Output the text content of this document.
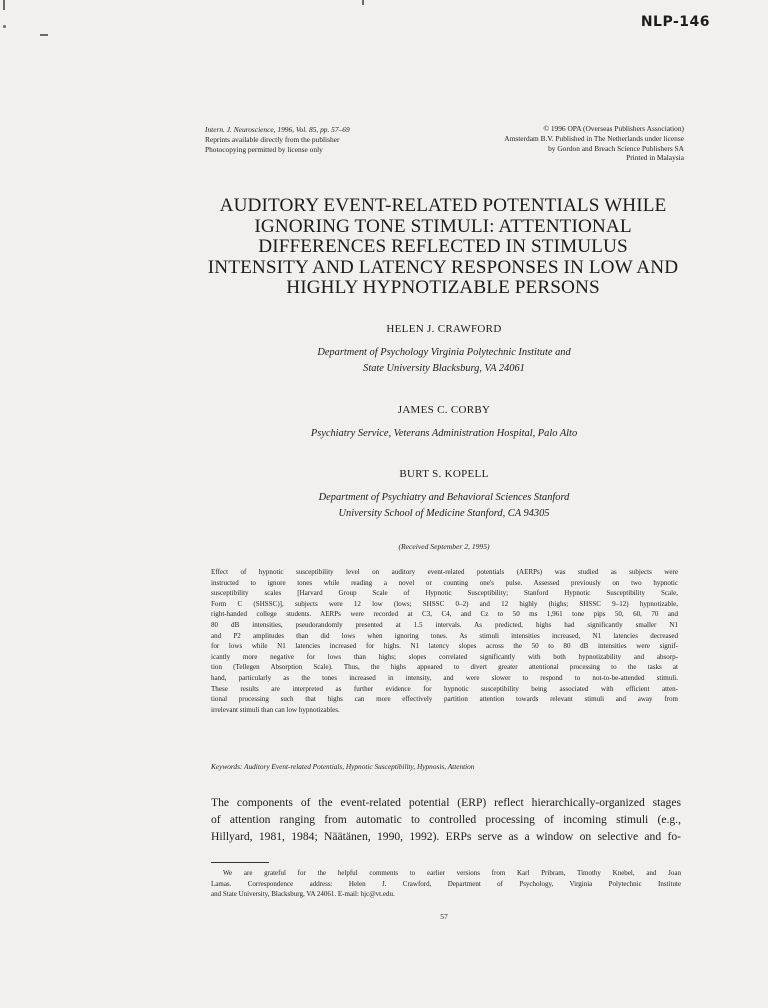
NLP-146
Intern. J. Neuroscience, 1996, Vol. 85, pp. 57–69
Reprints available directly from the publisher
Photocopying permitted by license only
© 1996 OPA (Overseas Publishers Association)
Amsterdam B.V. Published in The Netherlands under license
by Gordon and Breach Science Publishers SA
Printed in Malaysia
AUDITORY EVENT-RELATED POTENTIALS WHILE
IGNORING TONE STIMULI: ATTENTIONAL
DIFFERENCES REFLECTED IN STIMULUS
INTENSITY AND LATENCY RESPONSES IN LOW AND
HIGHLY HYPNOTIZABLE PERSONS
HELEN J. CRAWFORD
Department of Psychology Virginia Polytechnic Institute and
State University Blacksburg, VA 24061
JAMES C. CORBY
Psychiatry Service, Veterans Administration Hospital, Palo Alto
BURT S. KOPELL
Department of Psychiatry and Behavioral Sciences Stanford
University School of Medicine Stanford, CA 94305
(Received September 2, 1995)
Effect of hypnotic susceptibility level on auditory event-related potentials (AERPs) was studied as subjects were
instructed to ignore tones while reading a novel or counting one's pulse. Assessed previously on two hypnotic
susceptibility scales [Harvard Group Scale of Hypnotic Susceptibility; Stanford Hypnotic Susceptibility Scale,
Form C (SHSSC)], subjects were 12 low (lows; SHSSC 0–2) and 12 highly (highs; SHSSC 9–12) hypnotizable,
right-handed college students. AERPs were recorded at C3, C4, and Cz to 50 ms 1,961 tone pips 50, 60, 70 and
80 dB intensities, pseudorandomly presented at 1.5 intervals. As predicted, highs had significantly smaller N1
and P2 amplitudes than did lows when ignoring tones. As stimuli intensities increased, N1 latencies decreased
for lows while N1 latencies increased for highs. N1 latency slopes across the 50 to 80 dB intensities were signif-
icantly more negative for lows than highs; slopes correlated significantly with both hypnotizability and absorp-
tion (Tellegen Absorption Scale). Thus, the highs appeared to divert greater attentional processing to the tasks at
hand, particularly as the tones increased in intensity, and were slower to respond to not-to-be-attended stimuli.
These results are interpreted as further evidence for hypnotic susceptibility being associated with efficient atten-
tional processing such that highs can more effectively partition attention towards relevant stimuli and away from
irrelevant stimuli than can low hypnotizables.
Keywords: Auditory Event-related Potentials, Hypnotic Susceptibility, Hypnosis, Attention
The components of the event-related potential (ERP) reflect hierarchically-organized stages
of attention ranging from automatic to controlled processing of incoming stimuli (e.g.,
Hillyard, 1981, 1984; Näätänen, 1990, 1992). ERPs serve as a window on selective and fo-
We are grateful for the helpful comments to earlier versions from Karl Pribram, Timothy Knebel, and Joan
Lamas. Correspondence address: Helen J. Crawford, Department of Psychology, Virginia Polytechnic Institute
and State University, Blacksburg, VA 24061. E-mail: hjc@vt.edu.
57
